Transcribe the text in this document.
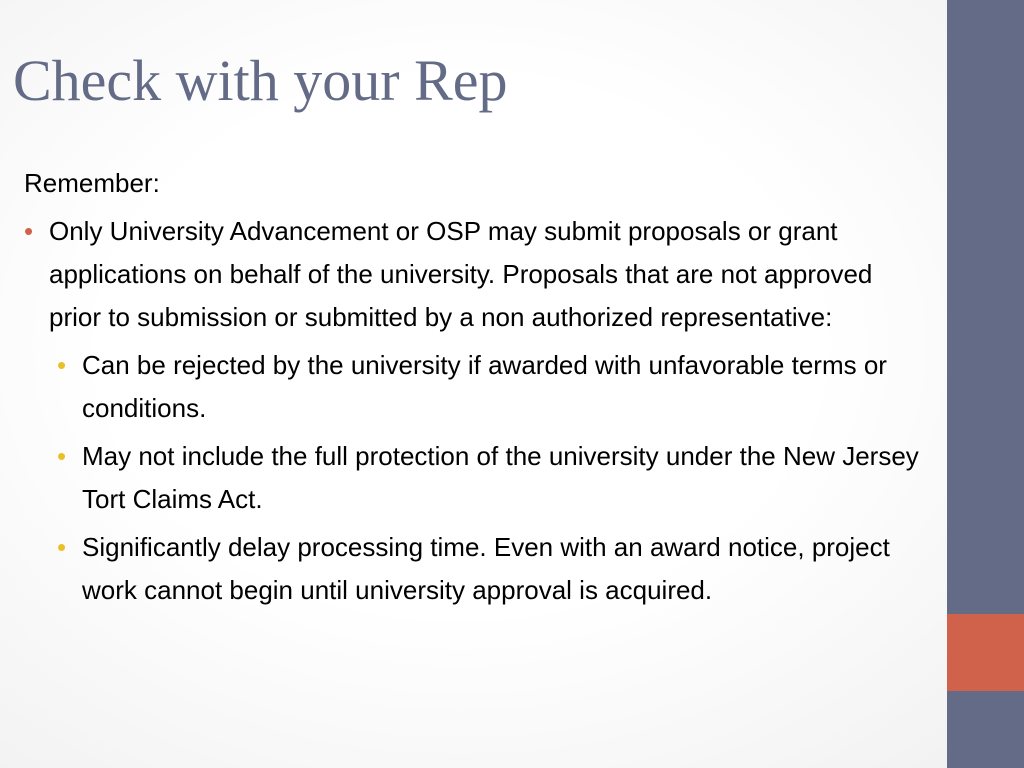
Check with your Rep

Remember:

• Only University Advancement or OSP may submit proposals or grant applications on behalf of the university. Proposals that are not approved prior to submission or submitted by a non authorized representative:
• Can be rejected by the university if awarded with unfavorable terms or conditions.
• May not include the full protection of the university under the New Jersey Tort Claims Act.
• Significantly delay processing time. Even with an award notice, project work cannot begin until university approval is acquired.
